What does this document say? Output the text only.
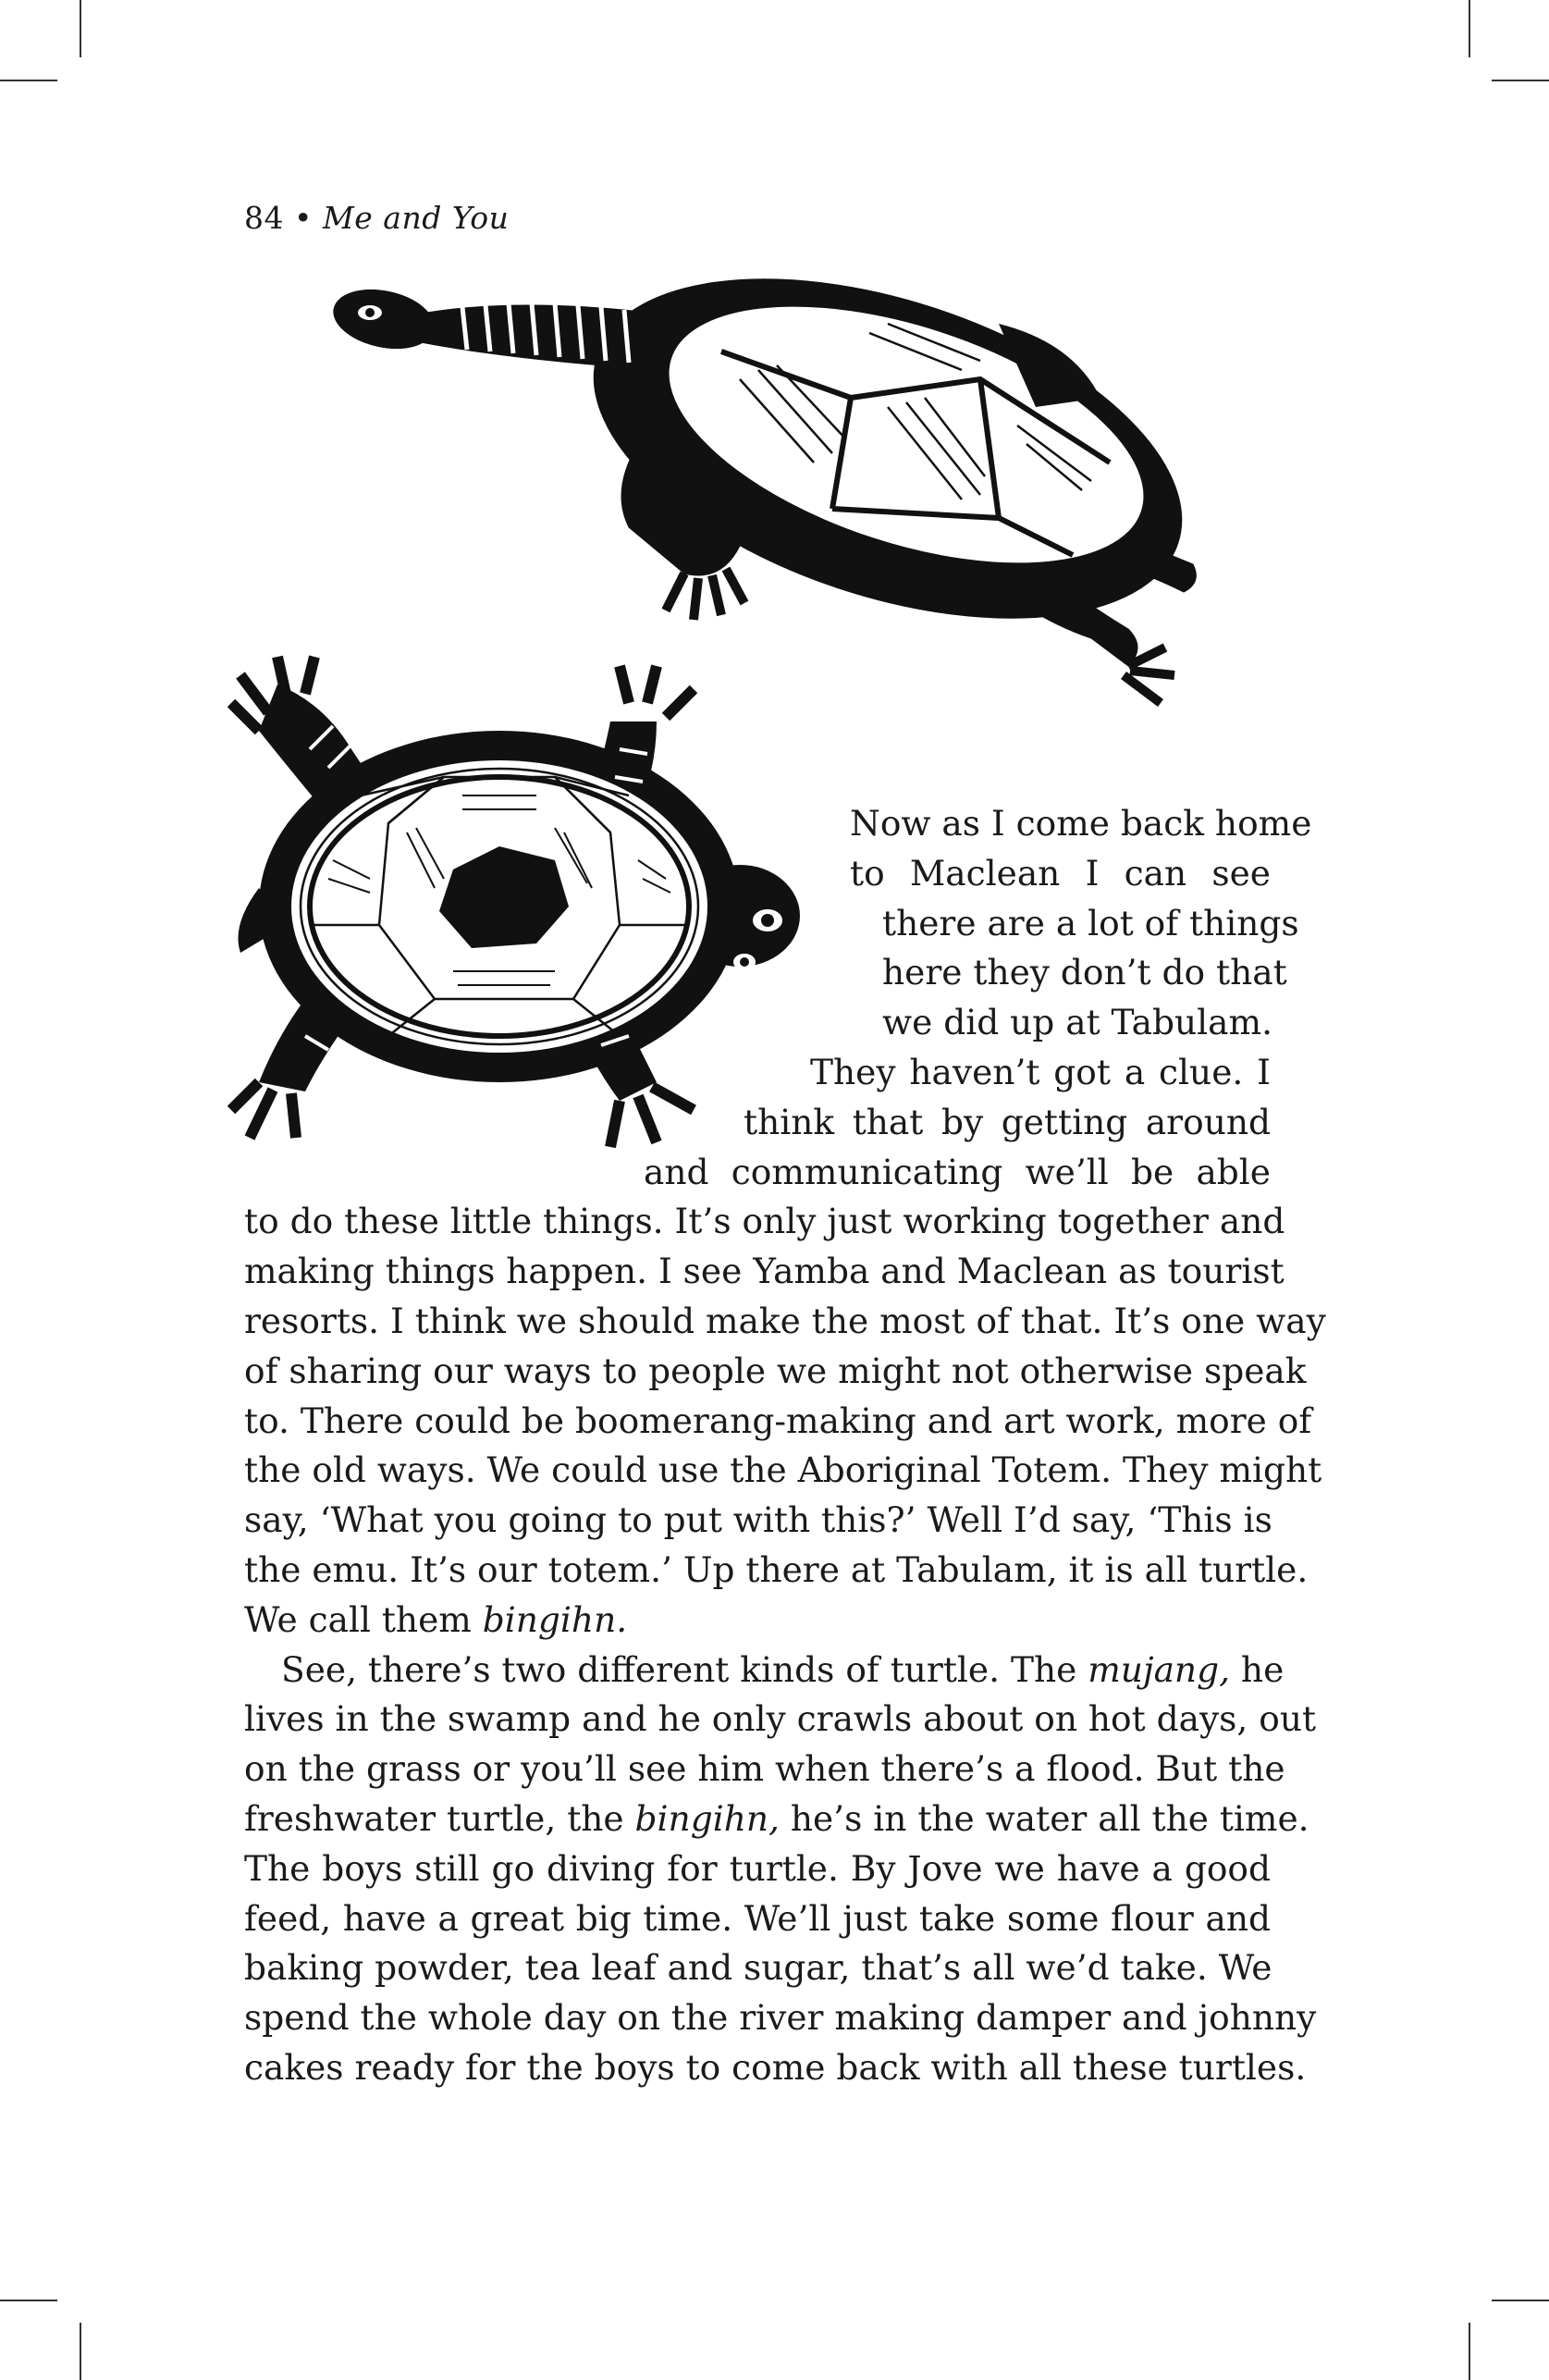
84 • Me and You
Now as I come back home
to Maclean I can see
there are a lot of things
here they don’t do that
we did up at Tabulam.
They haven’t got a clue. I
think that by getting around
and communicating we’ll be able
to do these little things. It’s only just working together and
making things happen. I see Yamba and Maclean as tourist
resorts. I think we should make the most of that. It’s one way
of sharing our ways to people we might not otherwise speak
to. There could be boomerang-making and art work, more of
the old ways. We could use the Aboriginal Totem. They might
say, ‘What you going to put with this?’ Well I’d say, ‘This is
the emu. It’s our totem.’ Up there at Tabulam, it is all turtle.
We call them bingihn.
See, there’s two different kinds of turtle. The mujang, he
lives in the swamp and he only crawls about on hot days, out
on the grass or you’ll see him when there’s a flood. But the
freshwater turtle, the bingihn, he’s in the water all the time.
The boys still go diving for turtle. By Jove we have a good
feed, have a great big time. We’ll just take some flour and
baking powder, tea leaf and sugar, that’s all we’d take. We
spend the whole day on the river making damper and johnny
cakes ready for the boys to come back with all these turtles.
